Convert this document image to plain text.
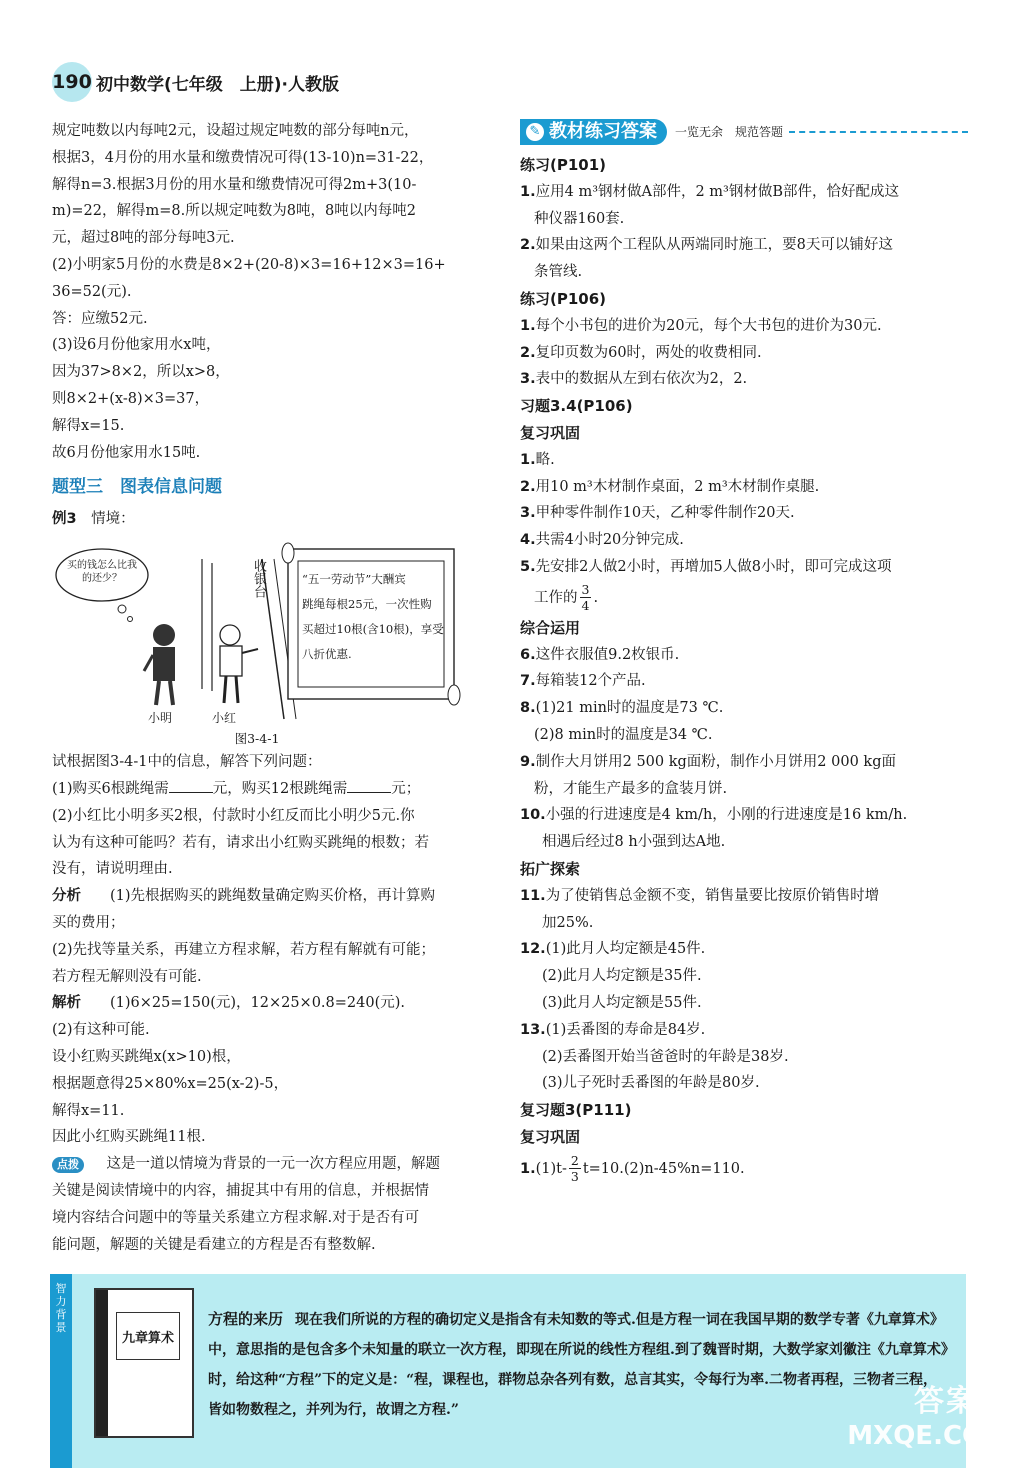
190 初中数学(七年级　上册)·人教版
规定吨数以内每吨2元，设超过规定吨数的部分每吨n元，
根据3，4月份的用水量和缴费情况可得(13-10)n=31-22，
解得n=3.根据3月份的用水量和缴费情况可得2m+3(10-
m)=22，解得m=8.所以规定吨数为8吨，8吨以内每吨2
元，超过8吨的部分每吨3元.
(2)小明家5月份的水费是8×2+(20-8)×3=16+12×3=16+
36=52(元).
答：应缴52元.
(3)设6月份他家用水x吨，
因为37>8×2，所以x>8，
则8×2+(x-8)×3=37，
解得x=15.
故6月份他家用水15吨.
题型三　图表信息问题
例3　 情境：
买的钱怎么比我的还少？	收银台	“五一劳动节”大酬宾
跳绳每根25元，一次性购
买超过10根(含10根)，享受
八折优惠.
小明	小红
图3-4-1
试根据图3-4-1中的信息，解答下列问题：
(1)购买6根跳绳需	元，购买12根跳绳需	元；
(2)小红比小明多买2根，付款时小红反而比小明少5元.你
认为有这种可能吗？若有，请求出小红购买跳绳的根数；若
没有，请说明理由.
分析　　 (1)先根据购买的跳绳数量确定购买价格，再计算购
买的费用；
(2)先找等量关系，再建立方程求解，若方程有解就有可能；
若方程无解则没有可能.
解析　　 (1)6×25=150(元)，12×25×0.8=240(元).
(2)有这种可能.
设小红购买跳绳x(x>10)根，
根据题意得25×80%x=25(x-2)-5，
解得x=11.
因此小红购买跳绳11根.
点拨　 这是一道以情境为背景的一元一次方程应用题，解题
关键是阅读情境中的内容，捕捉其中有用的信息，并根据情
境内容结合问题中的等量关系建立方程求解.对于是否有可
能问题，解题的关键是看建立的方程是否有整数解.
✎ 教材练习答案 一览无余　规范答题
练习(P101)
1.应用4 m³钢材做A部件，2 m³钢材做B部件，恰好配成这
种仪器160套.
2.如果由这两个工程队从两端同时施工，要8天可以铺好这
条管线.
练习(P106)
1.每个小书包的进价为20元，每个大书包的进价为30元.
2.复印页数为60时，两处的收费相同.
3.表中的数据从左到右依次为2，2.
习题3.4(P106)
复习巩固
1.略.
2.用10 m³木材制作桌面，2 m³木材制作桌腿.
3.甲种零件制作10天，乙种零件制作20天.
4.共需4小时20分钟完成.
5.先安排2人做2小时，再增加5人做8小时，即可完成这项
工作的 $\frac{3}{4}$ .
综合运用
6.这件衣服值9.2枚银币.
7.每箱装12个产品.
8.(1)21 min时的温度是73 ℃.
(2)8 min时的温度是34 ℃.
9.制作大月饼用2 500 kg面粉，制作小月饼用2 000 kg面
粉，才能生产最多的盒装月饼.
10.小强的行进速度是4 km/h，小刚的行进速度是16 km/h.
相遇后经过8 h小强到达A地.
拓广探索
11.为了使销售总金额不变，销售量要比按原价销售时增
加25%.
12.(1)此月人均定额是45件.
(2)此月人均定额是35件.
(3)此月人均定额是55件.
13.(1)丢番图的寿命是84岁.
(2)丢番图开始当爸爸时的年龄是38岁.
(3)儿子死时丢番图的年龄是80岁.
复习题3(P111)
复习巩固
$1.(1)t- \frac{2}{3} t=10.(2)n-45\%n=110$.
智
力
背
景
九章算术
方程的来历 现在我们所说的方程的确切定义是指含有未知数的等式.但是方程一词在我国早期的数学专著《九章算术》中，意思指的是包含多个未知量的联立一次方程，即现在所说的线性方程组.到了魏晋时期，大数学家刘徽注《九章算术》时，给这种“方程”下的定义是：“程，课程也，群物总杂各列有数，总言其实，令每行为率.二物者再程，三物者三程，皆如物数程之，并列为行，故谓之方程.”	答案圈
MXQE.COM
